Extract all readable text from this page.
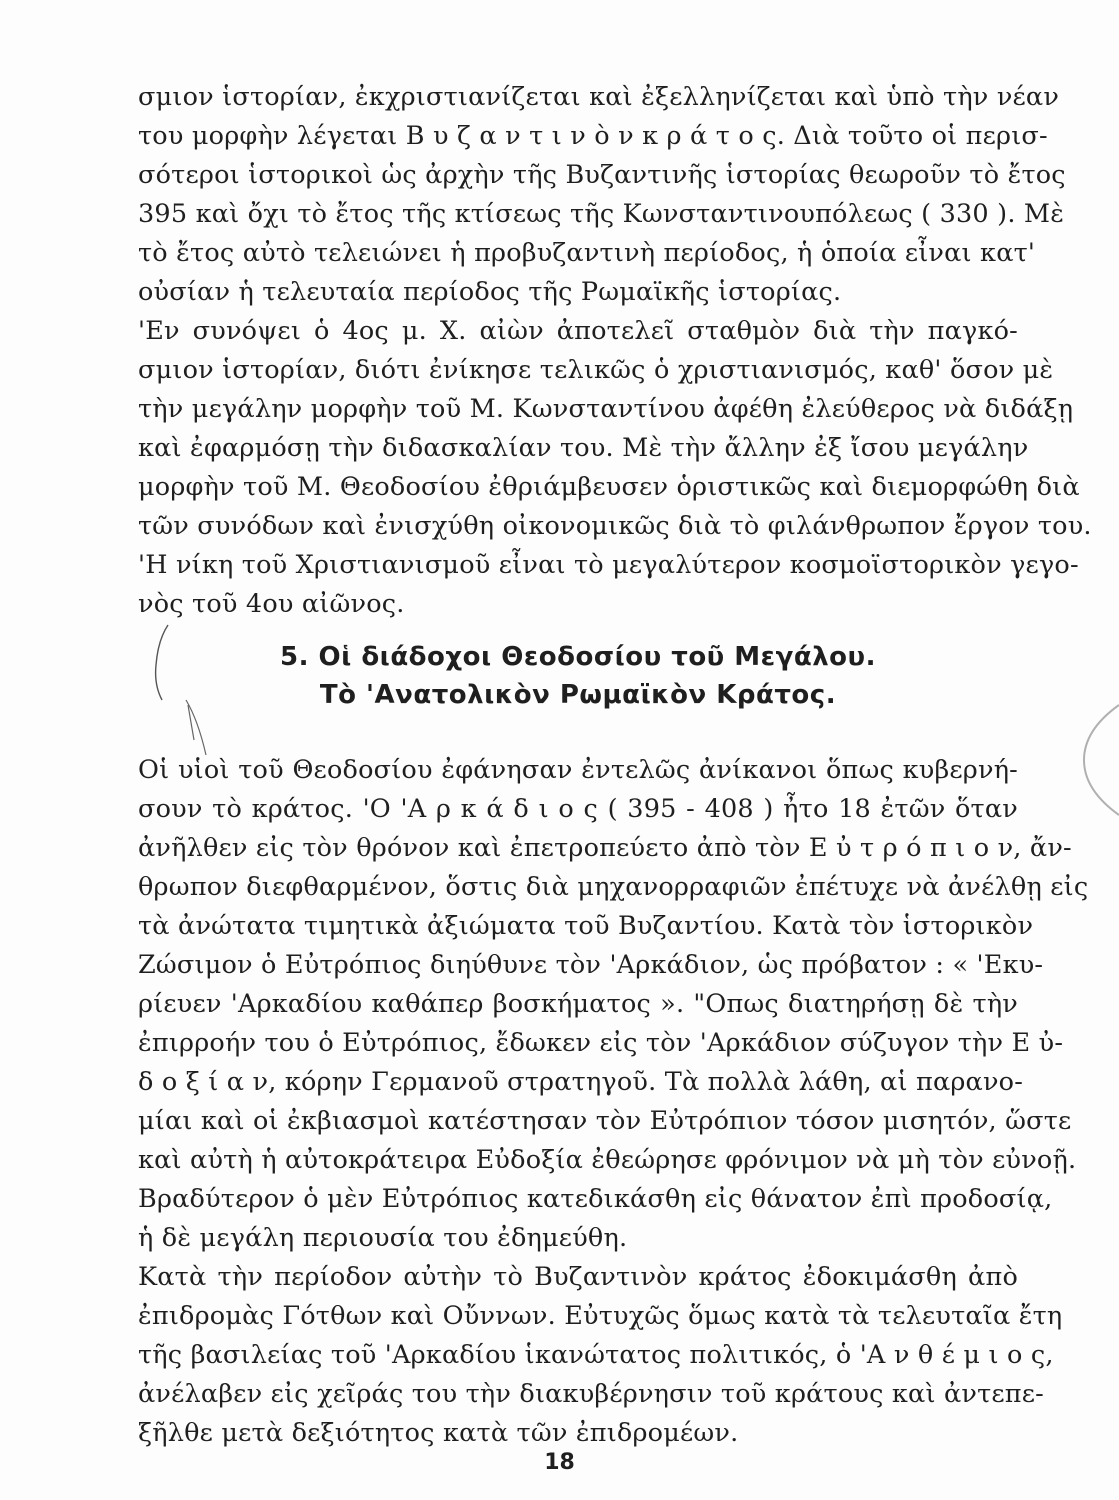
σμιον ἱστορίαν, ἐκχριστιανίζεται καὶ ἐξελληνίζεται καὶ ὑπὸ τὴν νέαν
του μορφὴν λέγεται Β υ ζ α ν τ ι ν ὸ ν κ ρ ά τ ο ς. Διὰ τοῦτο οἱ περισ-
σότεροι ἱστορικοὶ ὡς ἀρχὴν τῆς Βυζαντινῆς ἱστορίας θεωροῦν τὸ ἔτος
395 καὶ ὄχι τὸ ἔτος τῆς κτίσεως τῆς Κωνσταντινουπόλεως ( 330 ). Μὲ
τὸ ἔτος αὐτὸ τελειώνει ἡ προβυζαντινὴ περίοδος, ἡ ὁποία εἶναι κατ'
οὐσίαν ἡ τελευταία περίοδος τῆς Ρωμαϊκῆς ἱστορίας.
'Εν συνόψει ὁ 4ος μ. Χ. αἰὼν ἀποτελεῖ σταθμὸν διὰ τὴν παγκό-
σμιον ἱστορίαν, διότι ἐνίκησε τελικῶς ὁ χριστιανισμός, καθ' ὅσον μὲ
τὴν μεγάλην μορφὴν τοῦ Μ. Κωνσταντίνου ἀφέθη ἐλεύθερος νὰ διδάξῃ
καὶ ἐφαρμόσῃ τὴν διδασκαλίαν του. Μὲ τὴν ἄλλην ἐξ ἴσου μεγάλην
μορφὴν τοῦ Μ. Θεοδοσίου ἐθριάμβευσεν ὁριστικῶς καὶ διεμορφώθη διὰ
τῶν συνόδων καὶ ἐνισχύθη οἰκονομικῶς διὰ τὸ φιλάνθρωπον ἔργον του.
'Η νίκη τοῦ Χριστιανισμοῦ εἶναι τὸ μεγαλύτερον κοσμοϊστορικὸν γεγο-
νὸς τοῦ 4ου αἰῶνος.
5. Οἱ διάδοχοι Θεοδοσίου τοῦ Μεγάλου.
Τὸ 'Ανατολικὸν Ρωμαϊκὸν Κράτος.
Οἱ υἱοὶ τοῦ Θεοδοσίου ἐφάνησαν ἐντελῶς ἀνίκανοι ὅπως κυβερνή-
σουν τὸ κράτος. 'Ο 'Α ρ κ ά δ ι ο ς ( 395 - 408 ) ἦτο 18 ἐτῶν ὅταν
ἀνῆλθεν εἰς τὸν θρόνον καὶ ἐπετροπεύετο ἀπὸ τὸν Ε ὐ τ ρ ό π ι ο ν, ἄν-
θρωπον διεφθαρμένον, ὅστις διὰ μηχανορραφιῶν ἐπέτυχε νὰ ἀνέλθῃ εἰς
τὰ ἀνώτατα τιμητικὰ ἀξιώματα τοῦ Βυζαντίου. Κατὰ τὸν ἱστορικὸν
Ζώσιμον ὁ Εὐτρόπιος διηύθυνε τὸν 'Αρκάδιον, ὡς πρόβατον : « 'Εκυ-
ρίευεν 'Αρκαδίου καθάπερ βοσκήματος ». "Οπως διατηρήσῃ δὲ τὴν
ἐπιρροήν του ὁ Εὐτρόπιος, ἔδωκεν εἰς τὸν 'Αρκάδιον σύζυγον τὴν Ε ὐ-
δ ο ξ ί α ν, κόρην Γερμανοῦ στρατηγοῦ. Τὰ πολλὰ λάθη, αἱ παρανο-
μίαι καὶ οἱ ἐκβιασμοὶ κατέστησαν τὸν Εὐτρόπιον τόσον μισητόν, ὥστε
καὶ αὐτὴ ἡ αὐτοκράτειρα Εὐδοξία ἐθεώρησε φρόνιμον νὰ μὴ τὸν εὐνοῇ.
Βραδύτερον ὁ μὲν Εὐτρόπιος κατεδικάσθη εἰς θάνατον ἐπὶ προδοσίᾳ,
ἡ δὲ μεγάλη περιουσία του ἐδημεύθη.
Κατὰ τὴν περίοδον αὐτὴν τὸ Βυζαντινὸν κράτος ἐδοκιμάσθη ἀπὸ
ἐπιδρομὰς Γότθων καὶ Οὔννων. Εὐτυχῶς ὅμως κατὰ τὰ τελευταῖα ἔτη
τῆς βασιλείας τοῦ 'Αρκαδίου ἱκανώτατος πολιτικός, ὁ 'Α ν θ έ μ ι ο ς,
ἀνέλαβεν εἰς χεῖράς του τὴν διακυβέρνησιν τοῦ κράτους καὶ ἀντεπε-
ξῆλθε μετὰ δεξιότητος κατὰ τῶν ἐπιδρομέων.
18
